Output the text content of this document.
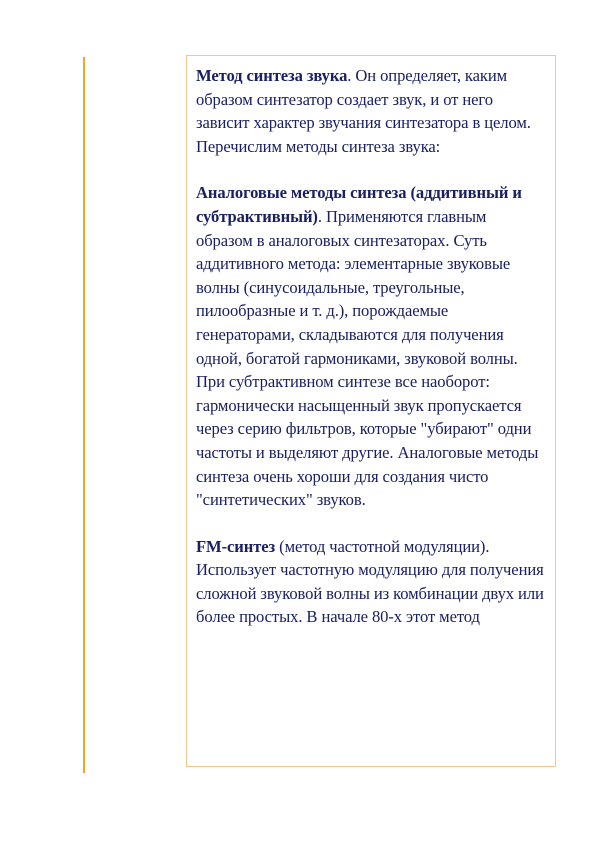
Метод синтеза звука. Он определяет, каким образом синтезатор создает звук, и от него зависит характер звучания синтезатора в целом. Перечислим методы синтеза звука:

Аналоговые методы синтеза (аддитивный и субтрактивный). Применяются главным образом в аналоговых синтезаторах. Суть аддитивного метода: элементарные звуковые волны (синусоидальные, треугольные, пилообразные и т. д.), порождаемые генераторами, складываются для получения одной, богатой гармониками, звуковой волны. При субтрактивном синтезе все наоборот: гармонически насыщенный звук пропускается через серию фильтров, которые "убирают" одни частоты и выделяют другие. Аналоговые методы синтеза очень хороши для создания чисто "синтетических" звуков.

FM-синтез (метод частотной модуляции). Использует частотную модуляцию для получения сложной звуковой волны из комбинации двух или более простых. В начале 80-х этот метод
